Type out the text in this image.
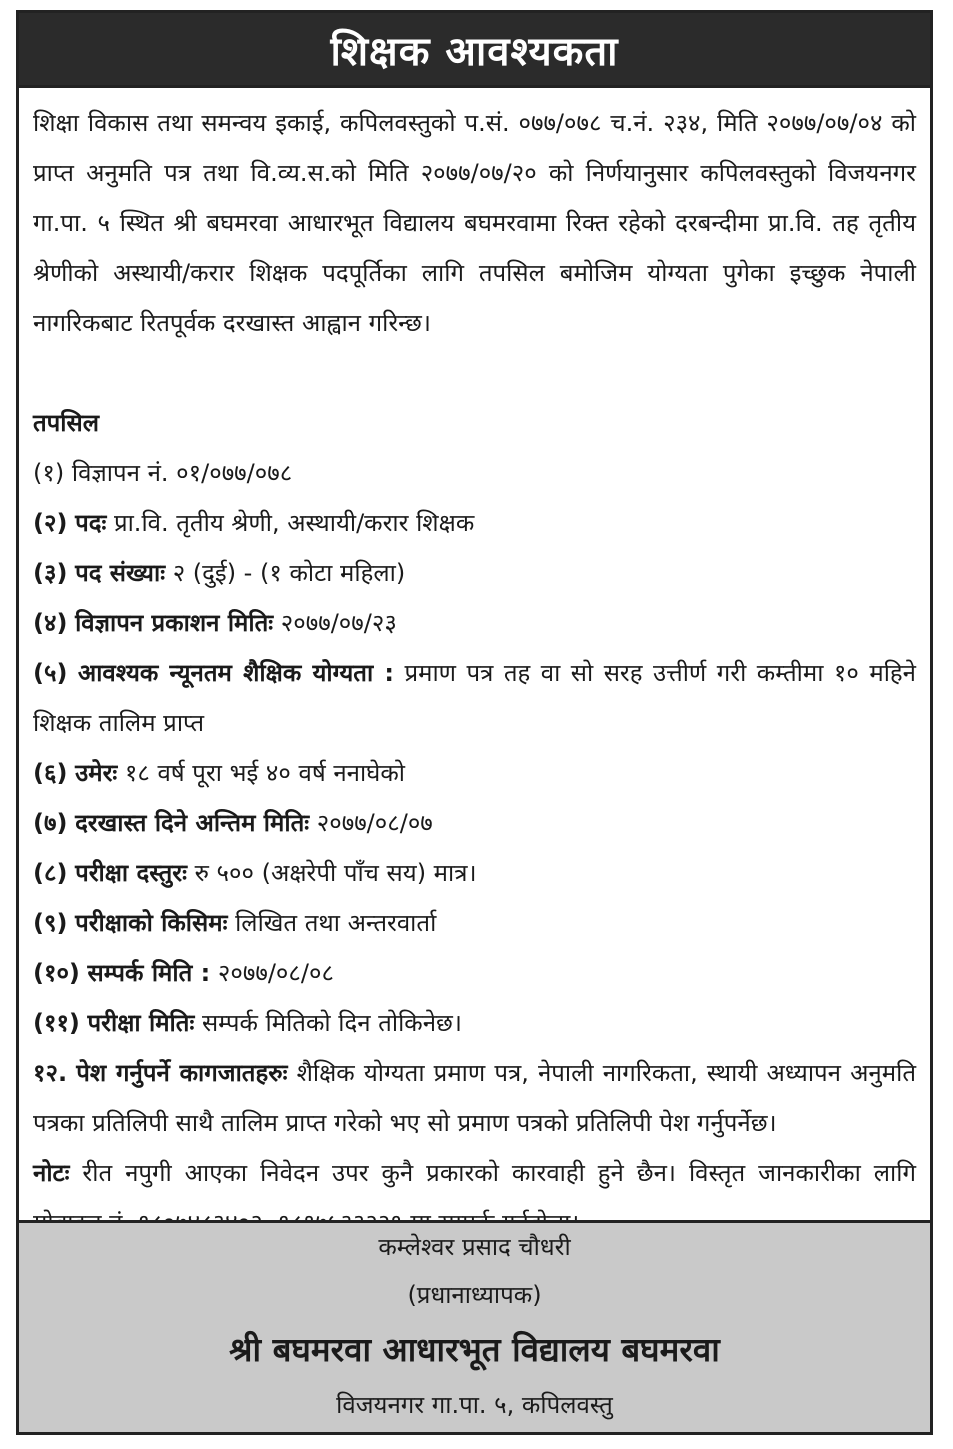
शिक्षक आवश्यकता

शिक्षा विकास तथा समन्वय इकाई, कपिलवस्तुको प.सं. ०७७/०७८ च.नं. २३४, मिति २०७७/०७/०४ को प्राप्त अनुमति पत्र तथा वि.व्य.स.को मिति २०७७/०७/२० को निर्णयानुसार कपिलवस्तुको विजयनगर गा.पा. ५ स्थित श्री बघमरवा आधारभूत विद्यालय बघमरवामा रिक्त रहेको दरबन्दीमा प्रा.वि. तह तृतीय श्रेणीको अस्थायी/करार शिक्षक पदपूर्तिका लागि तपसिल बमोजिम योग्यता पुगेका इच्छुक नेपाली नागरिकबाट रितपूर्वक दरखास्त आह्वान गरिन्छ।

तपसिल

(१) विज्ञापन नं. ०१/०७७/०७८

(२) पदः प्रा.वि. तृतीय श्रेणी, अस्थायी/करार शिक्षक

(३) पद संख्याः २ (दुई) - (१ कोटा महिला)

(४) विज्ञापन प्रकाशन मितिः २०७७/०७/२३

(५) आवश्यक न्यूनतम शैक्षिक योग्यता : प्रमाण पत्र तह वा सो सरह उत्तीर्ण गरी कम्तीमा १० महिने शिक्षक तालिम प्राप्त

(६) उमेरः १८ वर्ष पूरा भई ४० वर्ष ननाघेको

(७) दरखास्त दिने अन्तिम मितिः २०७७/०८/०७

(८) परीक्षा दस्तुरः रु ५०० (अक्षरेपी पाँच सय) मात्र।

(९) परीक्षाको किसिमः लिखित तथा अन्तरवार्ता

(१०) सम्पर्क मिति : २०७७/०८/०८

(११) परीक्षा मितिः सम्पर्क मितिको दिन तोकिनेछ।

१२. पेश गर्नुपर्ने कागजातहरुः शैक्षिक योग्यता प्रमाण पत्र, नेपाली नागरिकता, स्थायी अध्यापन अनुमति पत्रका प्रतिलिपी साथै तालिम प्राप्त गरेको भए सो प्रमाण पत्रको प्रतिलिपी पेश गर्नुपर्नेछ।

नोटः रीत नपुगी आएका निवेदन उपर कुनै प्रकारको कारवाही हुने छैन। विस्तृत जानकारीका लागि

कम्लेश्वर प्रसाद चौधरी
(प्रधानाध्यापक)
श्री बघमरवा आधारभूत विद्यालय बघमरवा
विजयनगर गा.पा. ५, कपिलवस्तु
